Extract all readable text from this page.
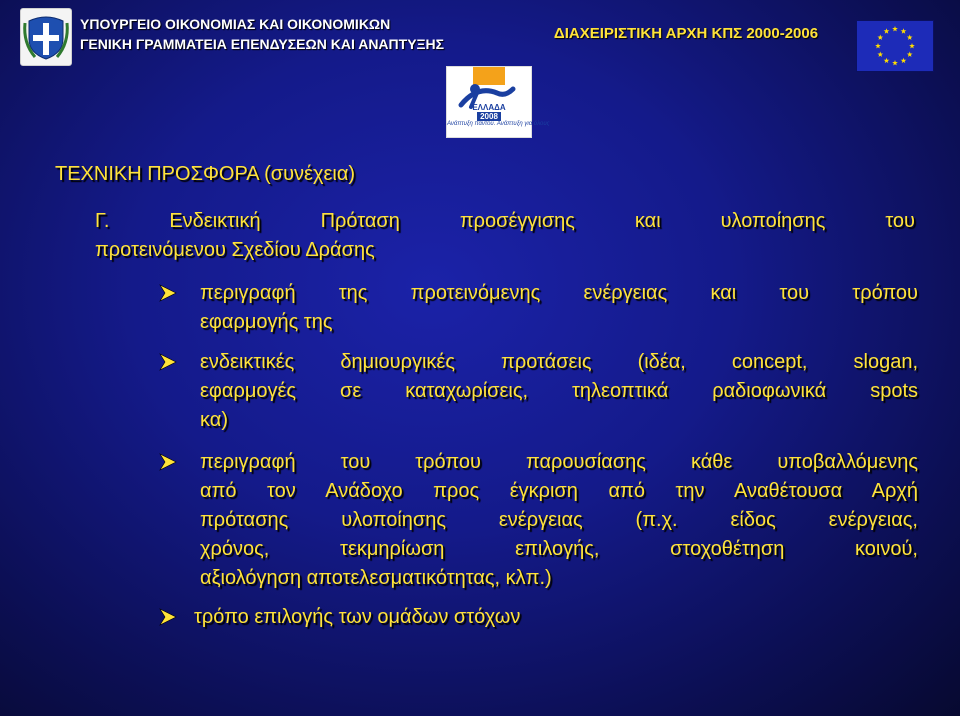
ΥΠΟΥΡΓΕΙΟ ΟΙΚΟΝΟΜΙΑΣ ΚΑΙ ΟΙΚΟΝΟΜΙΚΩΝ
ΓΕΝΙΚΗ ΓΡΑΜΜΑΤΕΙΑ ΕΠΕΝΔΥΣΕΩΝ ΚΑΙ ΑΝΑΠΤΥΞΗΣ
ΔΙΑΧΕΙΡΙΣΤΙΚΗ ΑΡΧΗ ΚΠΣ 2000-2006
ΕΛΛΑΔΑ
2008
Ανάπτυξη παντού. Ανάπτυξη για όλους
ΤΕΧΝΙΚΗ ΠΡΟΣΦΟΡΑ (συνέχεια)
Γ. Ενδεικτική Πρόταση προσέγγισης και υλοποίησης του
προτεινόμενου Σχεδίου Δράσης
περιγραφή της προτεινόμενης ενέργειας και του τρόπου
εφαρμογής της
ενδεικτικές δημιουργικές προτάσεις (ιδέα, concept, slogan,
εφαρμογές σε καταχωρίσεις, τηλεοπτικά ραδιοφωνικά spots
κα)
περιγραφή του τρόπου παρουσίασης κάθε υποβαλλόμενης
από τον Ανάδοχο προς έγκριση από την Αναθέτουσα Αρχή
πρότασης υλοποίησης ενέργειας (π.χ. είδος ενέργειας,
χρόνος, τεκμηρίωση επιλογής, στοχοθέτηση κοινού,
αξιολόγηση αποτελεσματικότητας, κλπ.)
τρόπο επιλογής των ομάδων στόχων
